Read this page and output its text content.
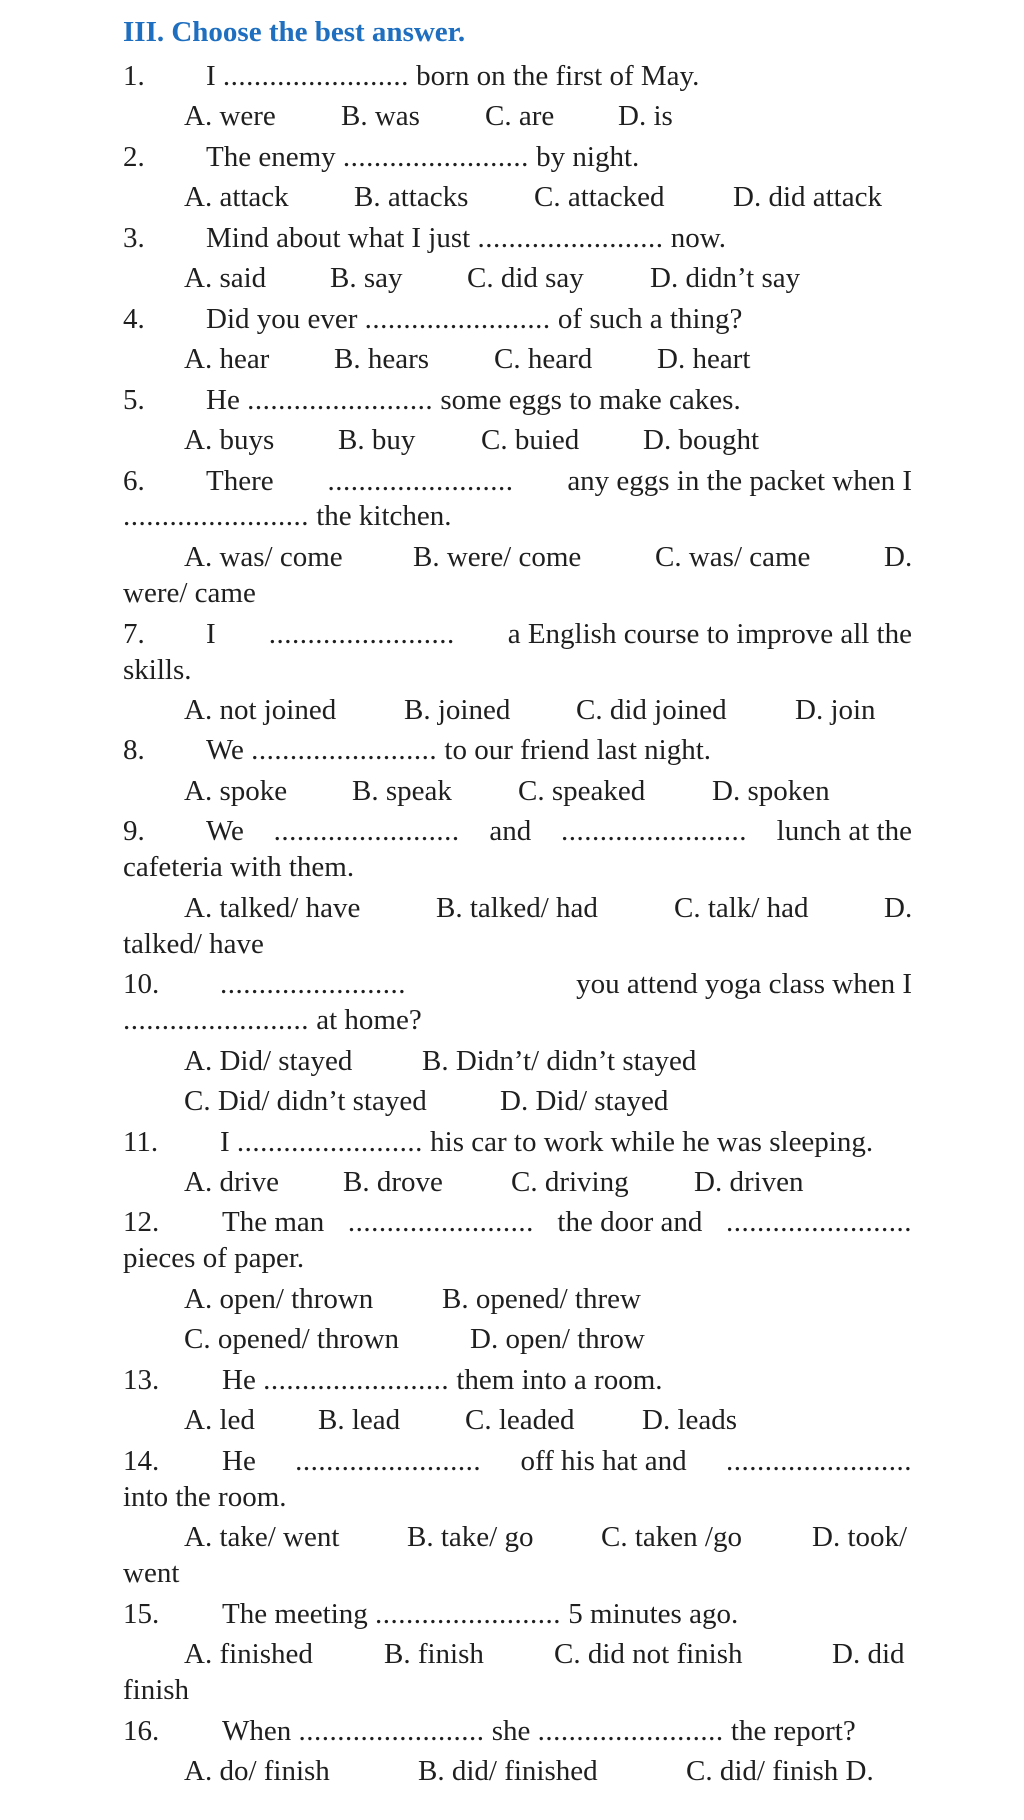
III. Choose the best answer.
1. I ........................ born on the first of May.
A. were B. was C. are D. is
2. The enemy ........................ by night.
A. attack B. attacks C. attacked D. did attack
3. Mind about what I just ........................ now.
A. said B. say C. did say D. didn’t say
4. Did you ever ........................ of such a thing?
A. hear B. hears C. heard D. heart
5. He ........................ some eggs to make cakes.
A. buys B. buy C. buied D. bought
6. There ........................ any eggs in the packet when I
........................ the kitchen.
A. was/ come B. were/ come	C. was/ came	D.
were/ came
7. I ........................ a English course to improve all the
skills.
A. not joined B. joined C. did joined D. join
8. We ........................ to our friend last night.
A. spoke B. speak C. speaked D. spoken
9. We ........................ and ........................ lunch at the
cafeteria with them.
A. talked/ have	B. talked/ had	C. talk/ had	D.
talked/ have
10. ........................	you attend yoga class when I
........................ at home?
A. Did/ stayed B. Didn’t/ didn’t stayed
C. Did/ didn’t stayed	D. Did/ stayed
11. I ........................ his car to work while he was sleeping.
A. drive B. drove C. driving D. driven
12. The man ........................ the door and ........................
pieces of paper.
A. open/ thrown B. opened/ threw
C. opened/ thrown D. open/ throw
13. He ........................ them into a room.
A. led B. lead C. leaded D. leads
14. He ........................ off his hat and ........................
into the room.
A. take/ went B. take/ go C. taken /go D. took/
went
15. The meeting ........................ 5 minutes ago.
A. finished B. finish C. did not finish	D. did
finish
16. When ........................ she ........................ the report?
A. do/ finish	B. did/ finished	C. did/ finish D.
